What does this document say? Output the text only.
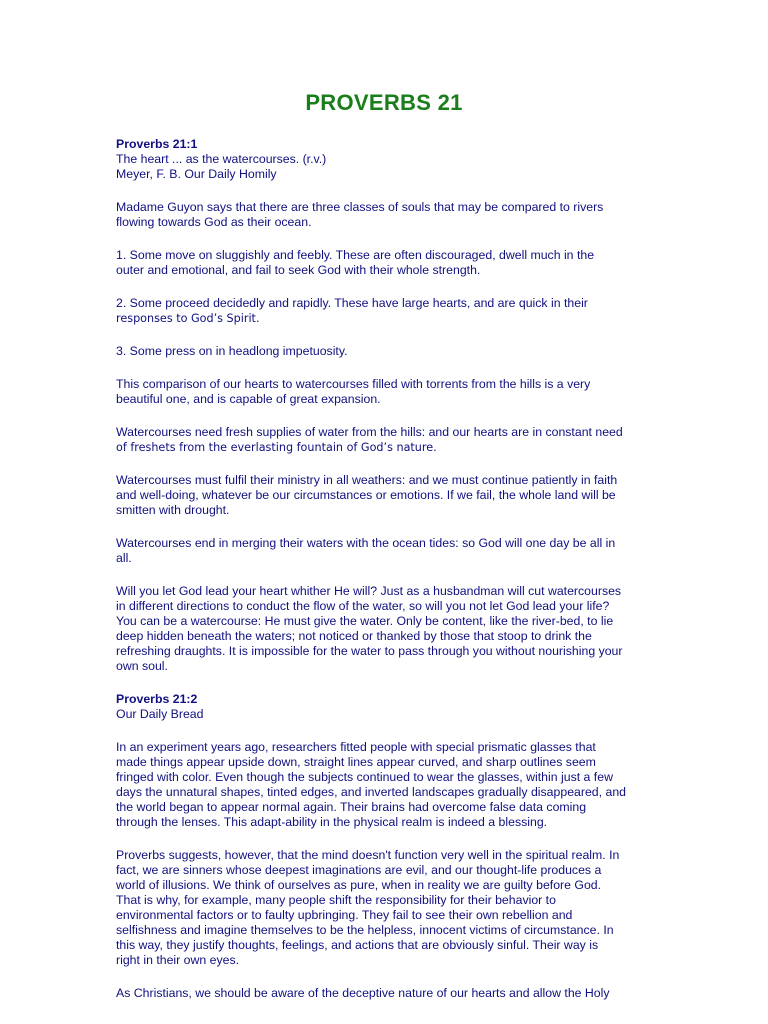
PROVERBS 21
Proverbs 21:1
The heart ... as the watercourses. (r.v.)
Meyer, F. B. Our Daily Homily
Madame Guyon says that there are three classes of souls that may be compared to rivers
flowing towards God as their ocean.
1. Some move on sluggishly and feebly. These are often discouraged, dwell much in the
outer and emotional, and fail to seek God with their whole strength.
2. Some proceed decidedly and rapidly. These have large hearts, and are quick in their
responses to God’s Spirit.
3. Some press on in headlong impetuosity.
This comparison of our hearts to watercourses filled with torrents from the hills is a very
beautiful one, and is capable of great expansion.
Watercourses need fresh supplies of water from the hills: and our hearts are in constant need
of freshets from the everlasting fountain of God’s nature.
Watercourses must fulfil their ministry in all weathers: and we must continue patiently in faith
and well-doing, whatever be our circumstances or emotions. If we fail, the whole land will be
smitten with drought.
Watercourses end in merging their waters with the ocean tides: so God will one day be all in
all.
Will you let God lead your heart whither He will? Just as a husbandman will cut watercourses
in different directions to conduct the flow of the water, so will you not let God lead your life?
You can be a watercourse: He must give the water. Only be content, like the river-bed, to lie
deep hidden beneath the waters; not noticed or thanked by those that stoop to drink the
refreshing draughts. It is impossible for the water to pass through you without nourishing your
own soul.
Proverbs 21:2
Our Daily Bread
In an experiment years ago, researchers fitted people with special prismatic glasses that
made things appear upside down, straight lines appear curved, and sharp outlines seem
fringed with color. Even though the subjects continued to wear the glasses, within just a few
days the unnatural shapes, tinted edges, and inverted landscapes gradually disappeared, and
the world began to appear normal again. Their brains had overcome false data coming
through the lenses. This adapt-ability in the physical realm is indeed a blessing.
Proverbs suggests, however, that the mind doesn't function very well in the spiritual realm. In
fact, we are sinners whose deepest imaginations are evil, and our thought-life produces a
world of illusions. We think of ourselves as pure, when in reality we are guilty before God.
That is why, for example, many people shift the responsibility for their behavior to
environmental factors or to faulty upbringing. They fail to see their own rebellion and
selfishness and imagine themselves to be the helpless, innocent victims of circumstance. In
this way, they justify thoughts, feelings, and actions that are obviously sinful. Their way is
right in their own eyes.
As Christians, we should be aware of the deceptive nature of our hearts and allow the Holy
